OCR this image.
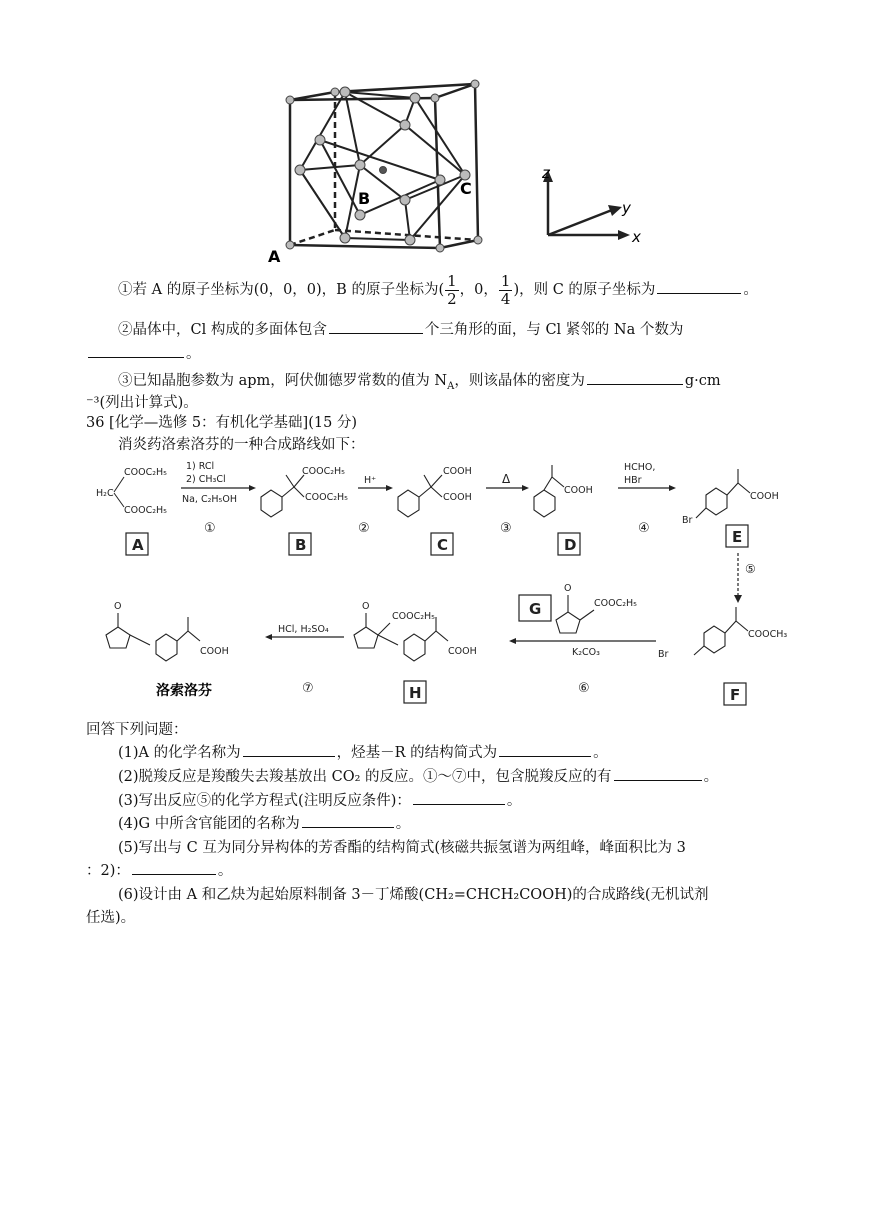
A
B
C
z
y
x
①若 A 的原子坐标为(0，0，0)，B 的原子坐标为( $\frac{1}{2}$ ，0， $\frac{1}{4}$ )，则 C 的原子坐标为	。
②晶体中，Cl 构成的多面体包含	个三角形的面，与 Cl 紧邻的 Na 个数为
。
③已知晶胞参数为 apm，阿伏伽德罗常数的值为 $N_A$，则该晶体的密度为	g·cm
⁻³(列出计算式)。
36 [化学—选修 5：有机化学基础](15 分)
消炎药洛索洛芬的一种合成路线如下：
H₂C
COOC₂H₅
COOC₂H₅
1) RCl
2) CH₃Cl
Na, C₂H₅OH
①
COOC₂H₅
COOC₂H₅
H⁺
②
COOH
COOH
Δ
③
COOH
HCHO,
HBr
④
COOH
Br
⑤
COOCH₃
Br
O
COOC₂H₅
K₂CO₃
⑥
O
COOC₂H₅
COOH
HCl, H₂SO₄
⑦
O
COOH
洛索洛芬
A	B	C	D	E
F
G
H
回答下列问题：
(1)A 的化学名称为	，烃基－R 的结构简式为	。
(2)脱羧反应是羧酸失去羧基放出 CO₂ 的反应。①～⑦中，包含脱羧反应的有	。
(3)写出反应⑤的化学方程式(注明反应条件)：	。
(4)G 中所含官能团的名称为	。
(5)写出与 C 互为同分异构体的芳香酯的结构简式(核磁共振氢谱为两组峰，峰面积比为 3
：2)：	。
(6)设计由 A 和乙炔为起始原料制备 3－丁烯酸(CH₂=CHCH₂COOH)的合成路线(无机试剂
任选)。
